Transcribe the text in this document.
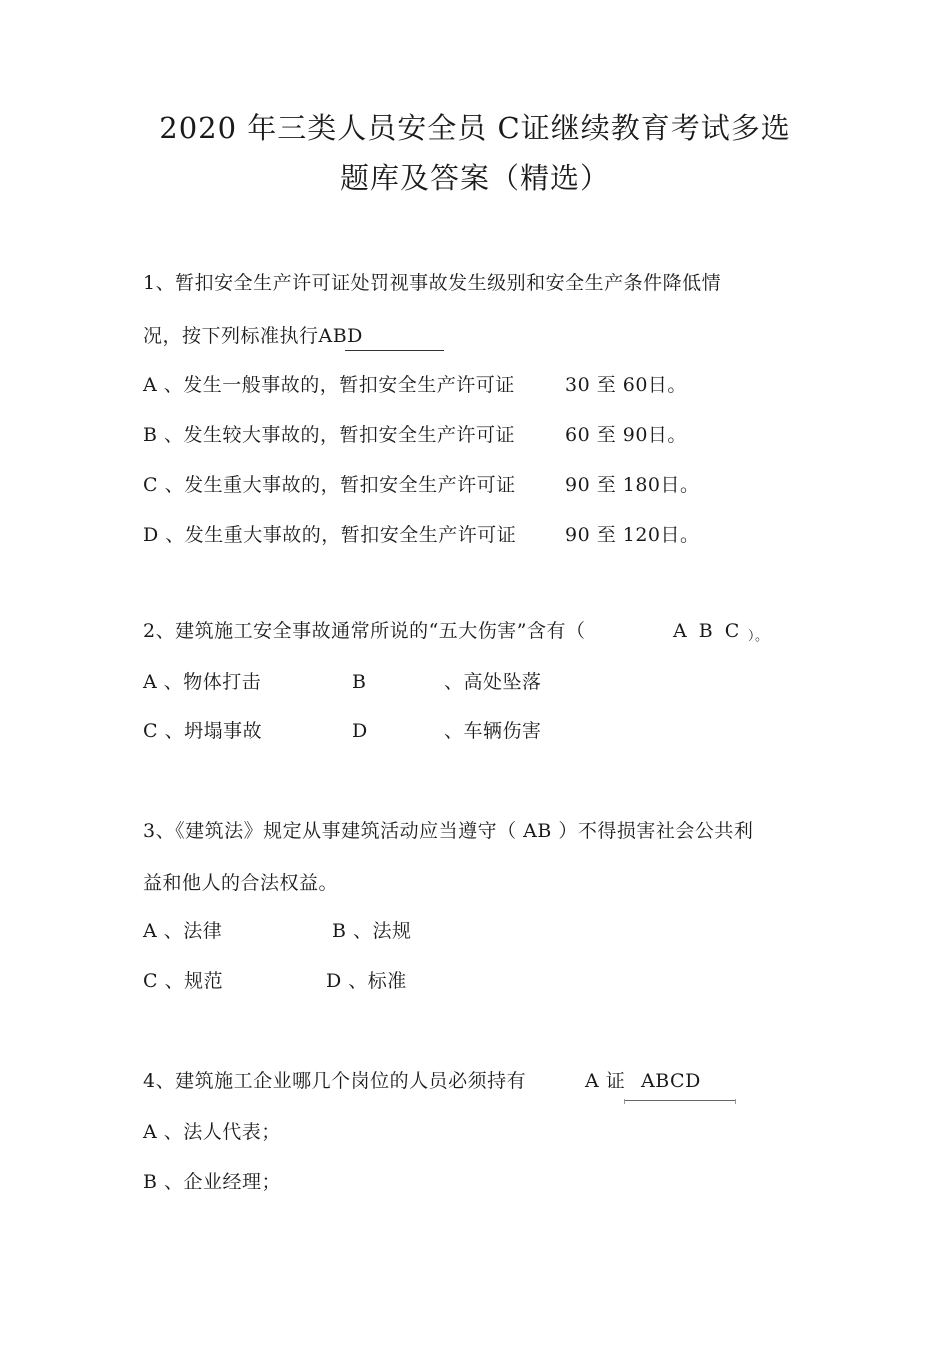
2020 年三类人员安全员 C证继续教育考试多选
题库及答案（精选）
1、暂扣安全生产许可证处罚视事故发生级别和安全生产条件降低情
况，按下列标准执行ABD
A 、发生一般事故的，暂扣安全生产许可证	30 至 60日。
B 、发生较大事故的，暂扣安全生产许可证	60 至 90日。
C 、发生重大事故的，暂扣安全生产许可证	90 至 180日。
D 、发生重大事故的，暂扣安全生产许可证	90 至 120日。
2、建筑施工安全事故通常所说的“五大伤害”含有（	A B C ）。
A 、物体打击	B	、高处坠落
C 、坍塌事故	D	、车辆伤害
3、《建筑法》规定从事建筑活动应当遵守（ AB ）不得损害社会公共利
益和他人的合法权益。
A 、法律	B 、法规
C 、规范	D 、标准
4、建筑施工企业哪几个岗位的人员必须持有	A 证 ABCD
A 、法人代表；
B 、企业经理；
